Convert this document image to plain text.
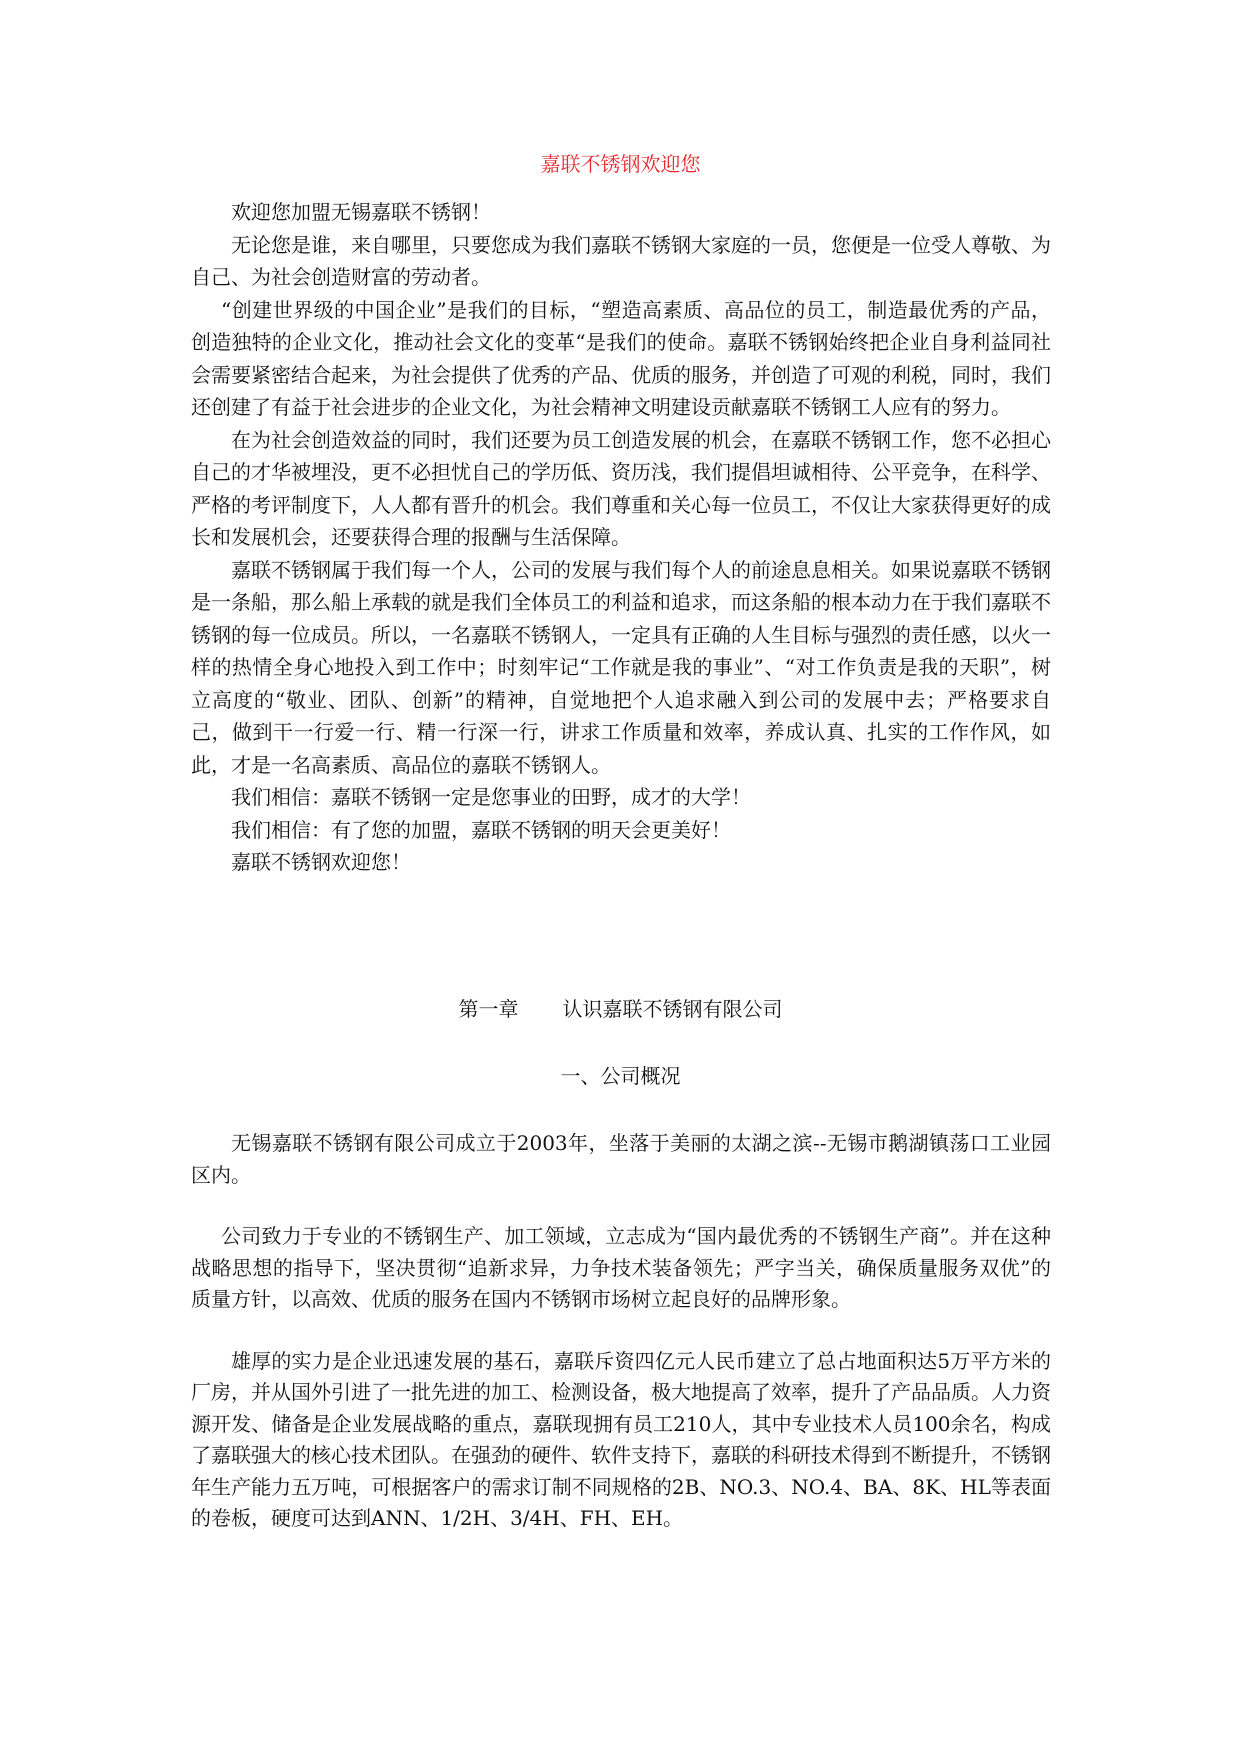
嘉联不锈钢欢迎您

欢迎您加盟无锡嘉联不锈钢！

无论您是谁，来自哪里，只要您成为我们嘉联不锈钢大家庭的一员，您便是一位受人尊敬、为自己、为社会创造财富的劳动者。

“创建世界级的中国企业”是我们的目标，“塑造高素质、高品位的员工，制造最优秀的产品，创造独特的企业文化，推动社会文化的变革“是我们的使命。嘉联不锈钢始终把企业自身利益同社会需要紧密结合起来，为社会提供了优秀的产品、优质的服务，并创造了可观的利税，同时，我们还创建了有益于社会进步的企业文化，为社会精神文明建设贡献嘉联不锈钢工人应有的努力。

在为社会创造效益的同时，我们还要为员工创造发展的机会，在嘉联不锈钢工作，您不必担心自己的才华被埋没，更不必担忧自己的学历低、资历浅，我们提倡坦诚相待、公平竞争，在科学、严格的考评制度下，人人都有晋升的机会。我们尊重和关心每一位员工，不仅让大家获得更好的成长和发展机会，还要获得合理的报酬与生活保障。

嘉联不锈钢属于我们每一个人，公司的发展与我们每个人的前途息息相关。如果说嘉联不锈钢是一条船，那么船上承载的就是我们全体员工的利益和追求，而这条船的根本动力在于我们嘉联不锈钢的每一位成员。所以，一名嘉联不锈钢人，一定具有正确的人生目标与强烈的责任感，以火一样的热情全身心地投入到工作中；时刻牢记“工作就是我的事业”、“对工作负责是我的天职”，树立高度的“敬业、团队、创新”的精神，自觉地把个人追求融入到公司的发展中去；严格要求自己，做到干一行爱一行、精一行深一行，讲求工作质量和效率，养成认真、扎实的工作作风，如此，才是一名高素质、高品位的嘉联不锈钢人。

我们相信：嘉联不锈钢一定是您事业的田野，成才的大学！

我们相信：有了您的加盟，嘉联不锈钢的明天会更美好！

嘉联不锈钢欢迎您！

第一章 认识嘉联不锈钢有限公司
一、公司概况

无锡嘉联不锈钢有限公司成立于2003年，坐落于美丽的太湖之滨--无锡市鹅湖镇荡口工业园区内。

公司致力于专业的不锈钢生产、加工领域，立志成为“国内最优秀的不锈钢生产商”。并在这种战略思想的指导下，坚决贯彻“追新求异，力争技术装备领先；严字当关，确保质量服务双优”的质量方针，以高效、优质的服务在国内不锈钢市场树立起良好的品牌形象。

雄厚的实力是企业迅速发展的基石，嘉联斥资四亿元人民币建立了总占地面积达5万平方米的厂房，并从国外引进了一批先进的加工、检测设备，极大地提高了效率，提升了产品品质。人力资源开发、储备是企业发展战略的重点，嘉联现拥有员工210人，其中专业技术人员100余名，构成了嘉联强大的核心技术团队。在强劲的硬件、软件支持下，嘉联的科研技术得到不断提升，不锈钢年生产能力五万吨，可根据客户的需求订制不同规格的2B、NO.3、NO.4、BA、8K、HL等表面的卷板，硬度可达到ANN、1/2H、3/4H、FH、EH。
